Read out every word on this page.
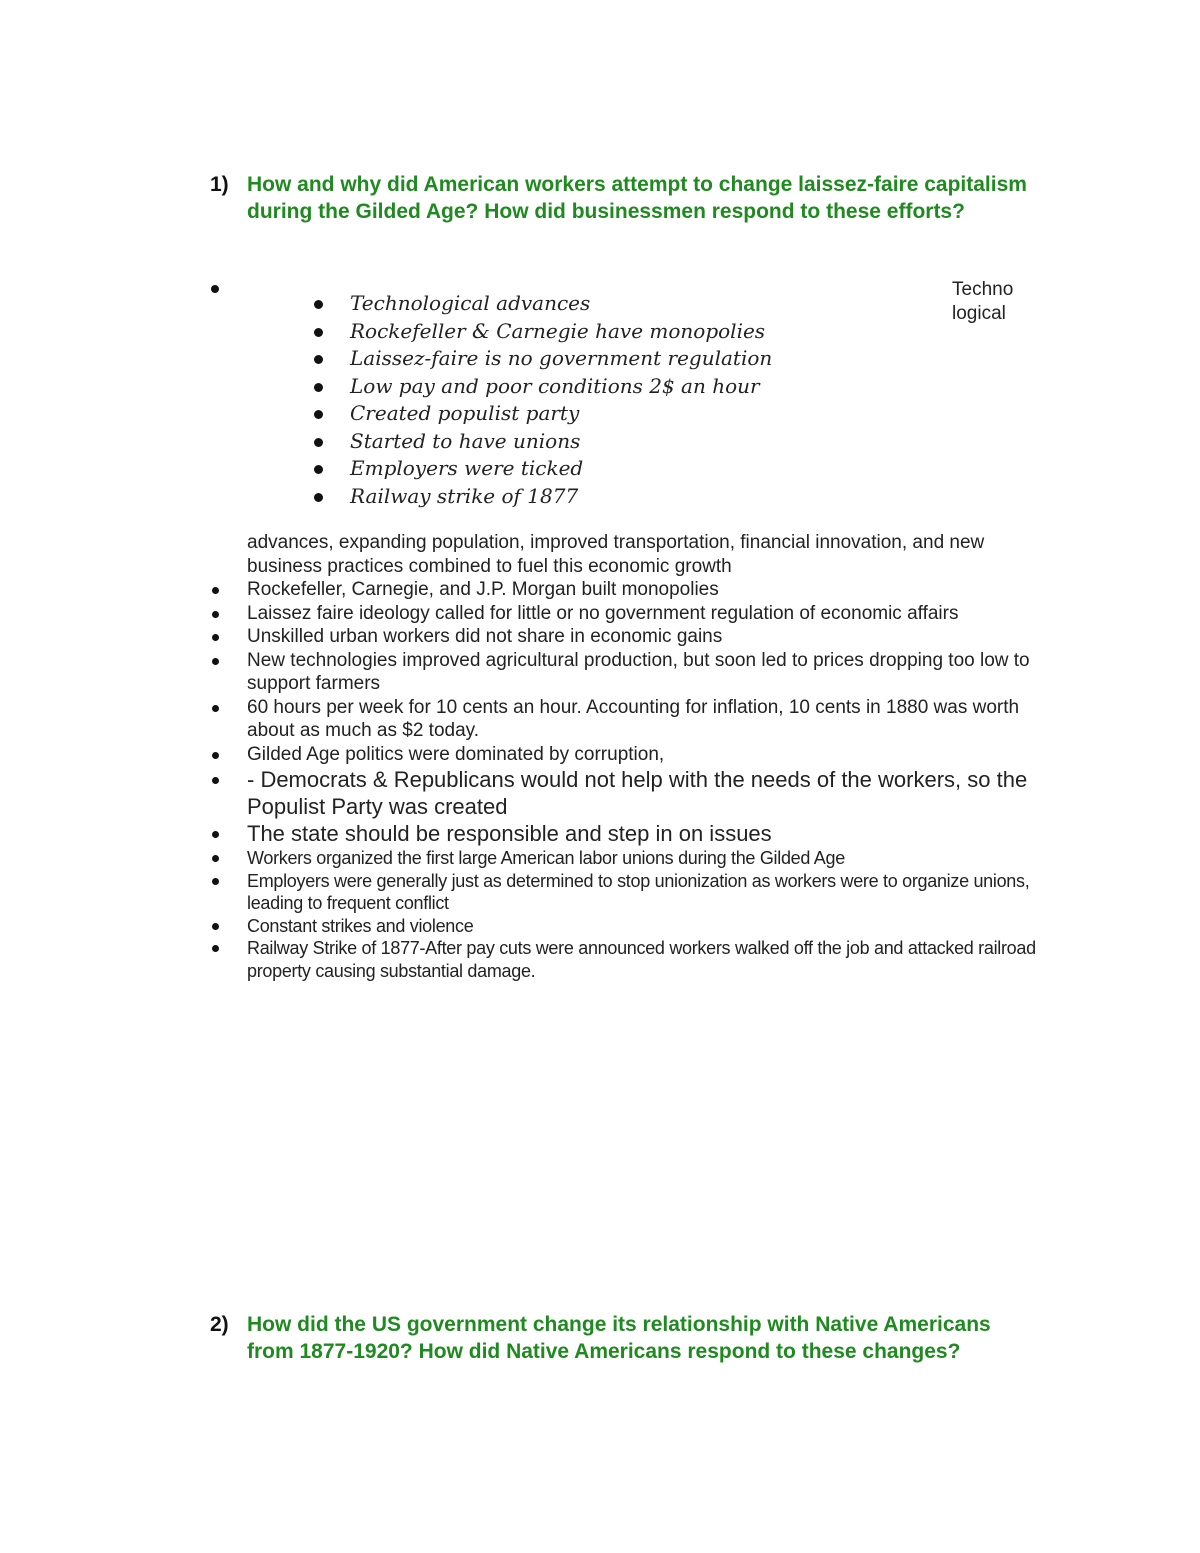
1) How and why did American workers attempt to change laissez-faire capitalism during the Gilded Age? How did businessmen respond to these efforts?
Technological advances
Rockefeller & Carnegie have monopolies
Laissez-faire is no government regulation
Low pay and poor conditions 2$ an hour
Created populist party
Started to have unions
Employers were ticked
Railway strike of 1877
Techno logical
advances, expanding population, improved transportation, financial innovation, and new business practices combined to fuel this economic growth
Rockefeller, Carnegie, and J.P. Morgan built monopolies
Laissez faire ideology called for little or no government regulation of economic affairs
Unskilled urban workers did not share in economic gains
New technologies improved agricultural production, but soon led to prices dropping too low to support farmers
60 hours per week for 10 cents an hour. Accounting for inflation, 10 cents in 1880 was worth about as much as $2 today.
Gilded Age politics were dominated by corruption,
- Democrats & Republicans would not help with the needs of the workers, so the Populist Party was created
The state should be responsible and step in on issues
Workers organized the first large American labor unions during the Gilded Age
Employers were generally just as determined to stop unionization as workers were to organize unions, leading to frequent conflict
Constant strikes and violence
Railway Strike of 1877-After pay cuts were announced workers walked off the job and attacked railroad property causing substantial damage.
2) How did the US government change its relationship with Native Americans from 1877-1920? How did Native Americans respond to these changes?
